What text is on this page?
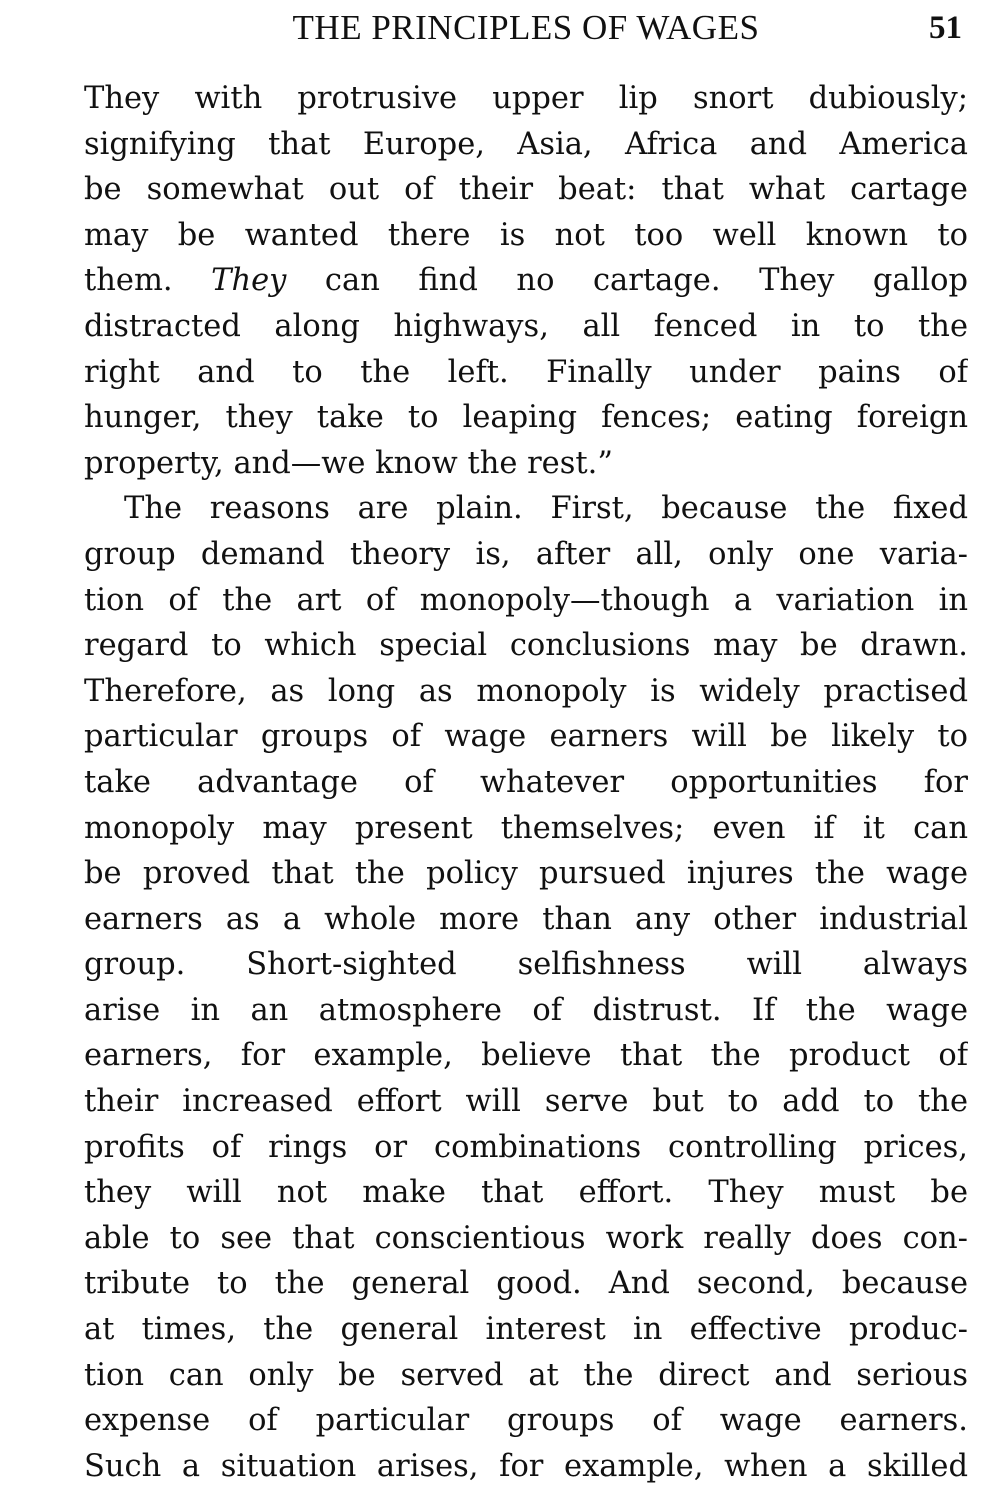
THE PRINCIPLES OF WAGES	51
They with protrusive upper lip snort dubiously;
signifying that Europe, Asia, Africa and America
be somewhat out of their beat: that what cartage
may be wanted there is not too well known to
them. They can find no cartage. They gallop
distracted along highways, all fenced in to the
right and to the left. Finally under pains of
hunger, they take to leaping fences; eating foreign
property, and—we know the rest.”
The reasons are plain. First, because the fixed
group demand theory is, after all, only one varia-
tion of the art of monopoly—though a variation in
regard to which special conclusions may be drawn.
Therefore, as long as monopoly is widely practised
particular groups of wage earners will be likely to
take advantage of whatever opportunities for
monopoly may present themselves; even if it can
be proved that the policy pursued injures the wage
earners as a whole more than any other industrial
group. Short-sighted selfishness will always
arise in an atmosphere of distrust. If the wage
earners, for example, believe that the product of
their increased effort will serve but to add to the
profits of rings or combinations controlling prices,
they will not make that effort. They must be
able to see that conscientious work really does con-
tribute to the general good. And second, because
at times, the general interest in effective produc-
tion can only be served at the direct and serious
expense of particular groups of wage earners.
Such a situation arises, for example, when a skilled
